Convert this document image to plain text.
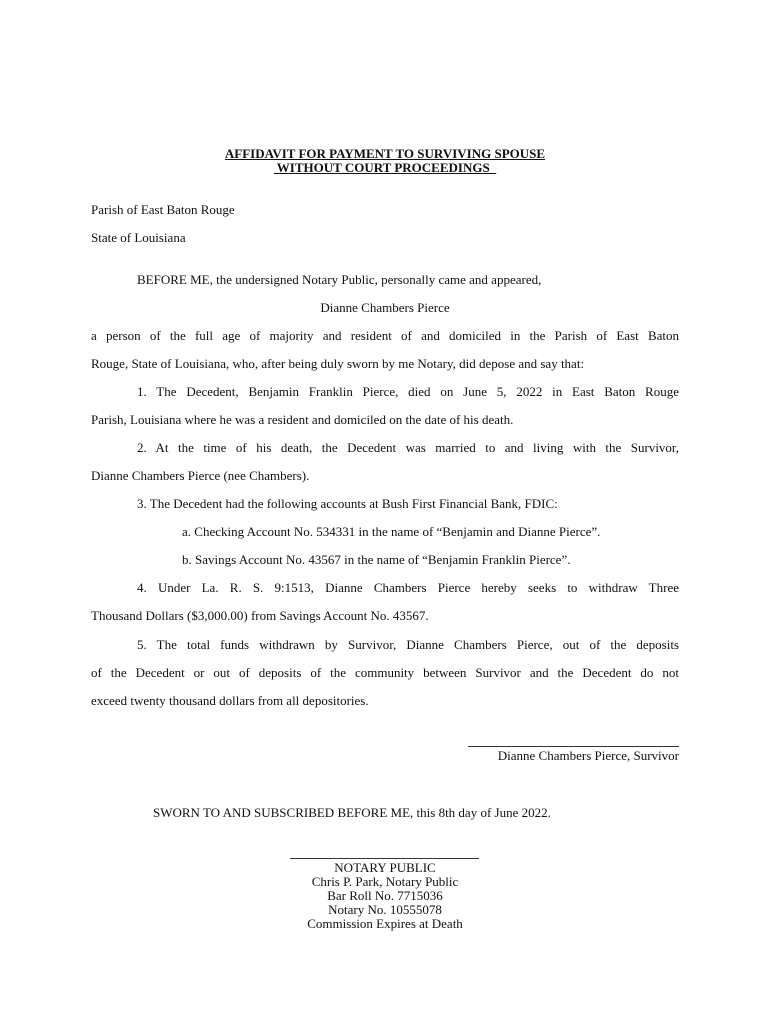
AFFIDAVIT FOR PAYMENT TO SURVIVING SPOUSE
WITHOUT COURT PROCEEDINGS
Parish of East Baton Rouge
State of Louisiana
BEFORE ME, the undersigned Notary Public, personally came and appeared,
Dianne Chambers Pierce
a person of the full age of majority and resident of and domiciled in the Parish of East Baton
Rouge, State of Louisiana, who, after being duly sworn by me Notary, did depose and say that:
1. The Decedent, Benjamin Franklin Pierce, died on June 5, 2022 in East Baton Rouge
Parish, Louisiana where he was a resident and domiciled on the date of his death.
2. At the time of his death, the Decedent was married to and living with the Survivor,
Dianne Chambers Pierce (nee Chambers).
3. The Decedent had the following accounts at Bush First Financial Bank, FDIC:
a. Checking Account No. 534331 in the name of “Benjamin and Dianne Pierce”.
b. Savings Account No. 43567 in the name of “Benjamin Franklin Pierce”.
4. Under La. R. S. 9:1513, Dianne Chambers Pierce hereby seeks to withdraw Three
Thousand Dollars ($3,000.00) from Savings Account No. 43567.
5. The total funds withdrawn by Survivor, Dianne Chambers Pierce, out of the deposits
of the Decedent or out of deposits of the community between Survivor and the Decedent do not
exceed twenty thousand dollars from all depositories.
Dianne Chambers Pierce, Survivor
SWORN TO AND SUBSCRIBED BEFORE ME, this 8th day of June 2022.
NOTARY PUBLIC
Chris P. Park, Notary Public
Bar Roll No. 7715036
Notary No. 10555078
Commission Expires at Death
